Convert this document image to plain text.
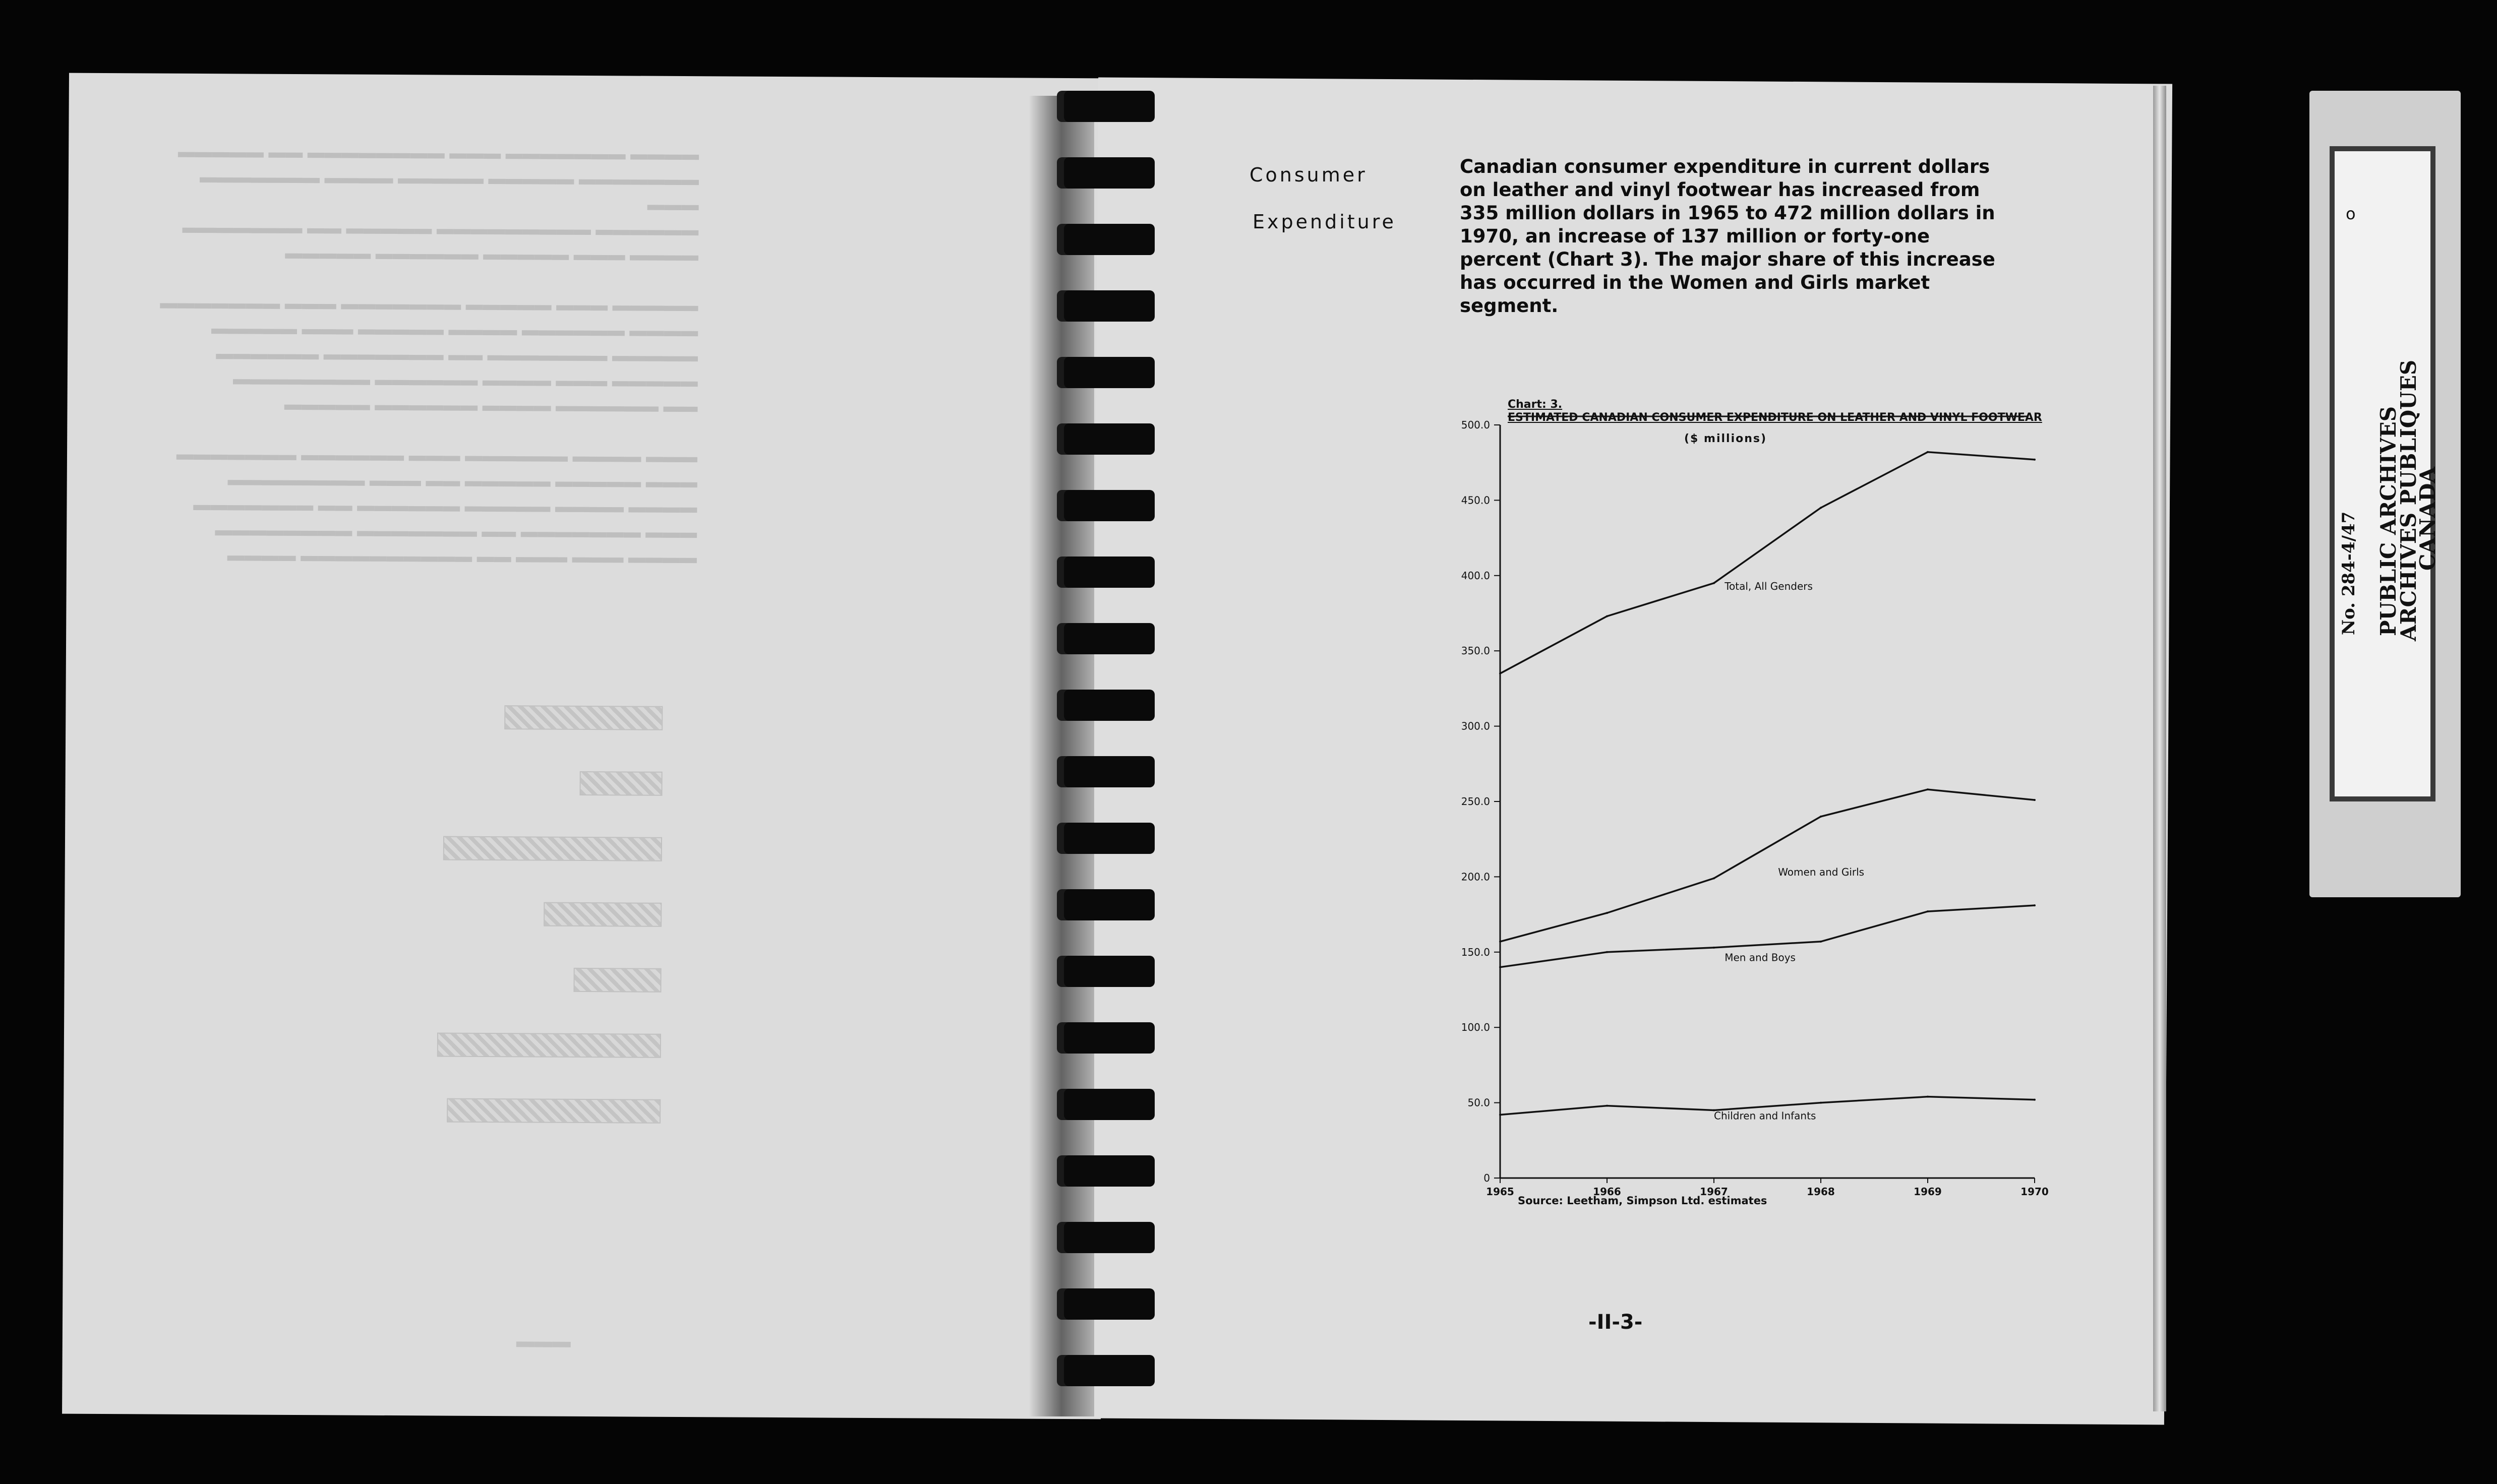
▬▬▬▬ ▬▬▬▬▬▬▬ ▬▬▬ ▬▬▬▬▬▬▬▬ ▬▬ ▬▬▬▬▬
▬▬▬▬▬▬▬ ▬▬▬▬▬ ▬▬▬▬▬ ▬▬▬▬ ▬▬▬▬▬▬▬ ▬▬▬
▬▬▬▬▬▬ ▬▬▬▬▬▬▬▬▬ ▬▬▬▬▬ ▬▬ ▬▬▬▬▬▬▬
▬▬▬▬ ▬▬▬ ▬▬▬▬▬ ▬▬▬▬▬▬ ▬▬▬▬▬

▬▬▬▬▬ ▬▬▬ ▬▬▬▬▬ ▬▬▬▬▬▬▬ ▬▬▬ ▬▬▬▬▬▬▬
▬▬▬▬ ▬▬▬▬▬▬ ▬▬▬▬ ▬▬▬▬▬ ▬▬▬ ▬▬▬▬▬
▬▬▬▬▬ ▬▬▬▬▬▬▬ ▬▬ ▬▬▬▬▬▬▬ ▬▬▬▬▬▬
▬▬▬▬▬ ▬▬▬ ▬▬▬▬ ▬▬▬▬▬▬ ▬▬▬▬▬▬▬▬
▬▬ ▬▬▬▬▬▬ ▬▬▬▬ ▬▬▬▬▬▬ ▬▬▬▬▬

▬▬▬ ▬▬▬▬ ▬▬▬▬▬▬ ▬▬▬ ▬▬▬▬▬▬ ▬▬▬▬▬▬▬
▬▬▬ ▬▬▬▬▬ ▬▬▬▬▬ ▬▬ ▬▬▬ ▬▬▬▬▬▬▬▬
▬▬▬▬ ▬▬▬▬ ▬▬▬▬▬ ▬▬▬▬▬▬ ▬▬ ▬▬▬▬▬▬▬
▬▬▬ ▬▬▬▬▬▬▬ ▬▬ ▬▬▬▬▬▬▬ ▬▬▬▬▬▬▬▬
▬▬▬▬ ▬▬▬ ▬▬▬ ▬▬ ▬▬▬▬▬▬▬▬▬▬ ▬▬▬▬
▬▬▬
Consumer
Expenditure
Canadian consumer expenditure in current dollars on leather and vinyl footwear has increased from 335 million dollars in 1965 to 472 million dollars in 1970, an increase of 137 million or forty-one percent (Chart 3). The major share of this increase has occurred in the Women and Girls market segment.
Chart: 3.
ESTIMATED CANADIAN CONSUMER EXPENDITURE ON LEATHER AND VINYL FOOTWEAR
($ millions)
500.0
450.0
400.0
350.0
300.0
250.0
200.0
150.0
100.0
50.0
0
1965	1966	1967	1968	1969	1970
Total, All Genders
Women and Girls
Men and Boys
Children and Infants
Source: Leetham, Simpson Ltd. estimates
-II-3-
o
No. 284-4/47 PUBLIC ARCHIVES
ARCHIVES PUBLIQUES
CANADA
